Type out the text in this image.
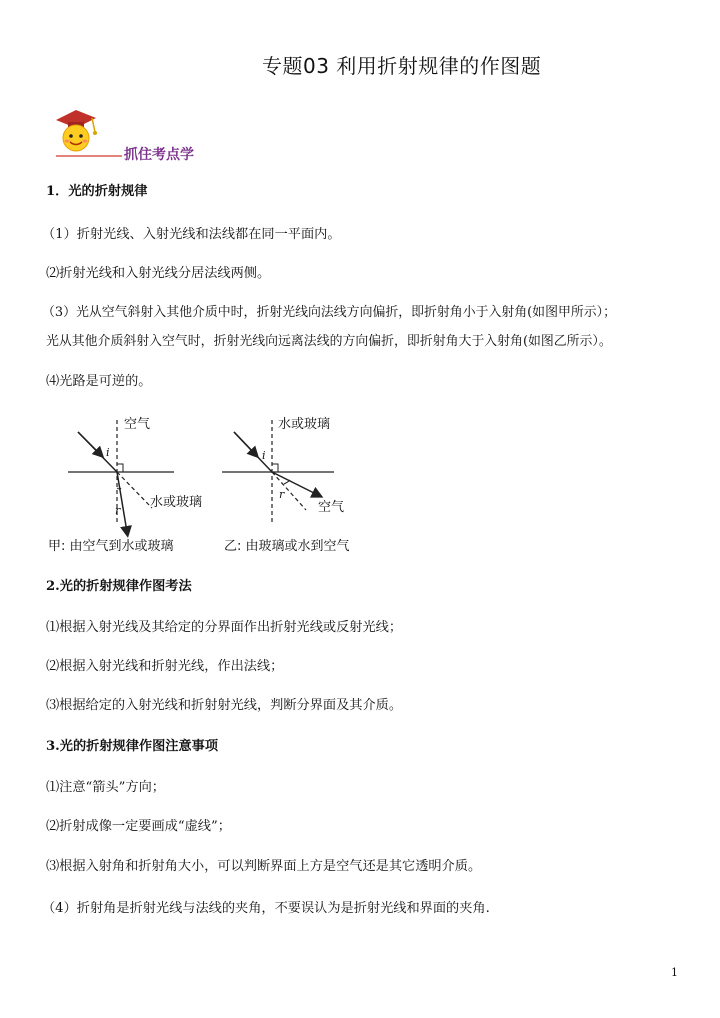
专题03 利用折射规律的作图题
抓住考点学
1．光的折射规律
（1）折射光线、入射光线和法线都在同一平面内。
⑵折射光线和入射光线分居法线两侧。
（3）光从空气斜射入其他介质中时，折射光线向法线方向偏折，即折射角小于入射角(如图甲所示）；
光从其他介质斜射入空气时，折射光线向远离法线的方向偏折，即折射角大于入射角(如图乙所示）。
⑷光路是可逆的。
空气
i
水或玻璃
r
甲: 由空气到水或玻璃
水或玻璃
i
空气
r
乙: 由玻璃或水到空气
2.光的折射规律作图考法
⑴根据入射光线及其给定的分界面作出折射光线或反射光线；
⑵根据入射光线和折射光线，作出法线；
⑶根据给定的入射光线和折射射光线，判断分界面及其介质。
3.光的折射规律作图注意事项
⑴注意“箭头”方向；
⑵折射成像一定要画成“虚线”；
⑶根据入射角和折射角大小，可以判断界面上方是空气还是其它透明介质。
（4）折射角是折射光线与法线的夹角，不要误认为是折射光线和界面的夹角.
1
